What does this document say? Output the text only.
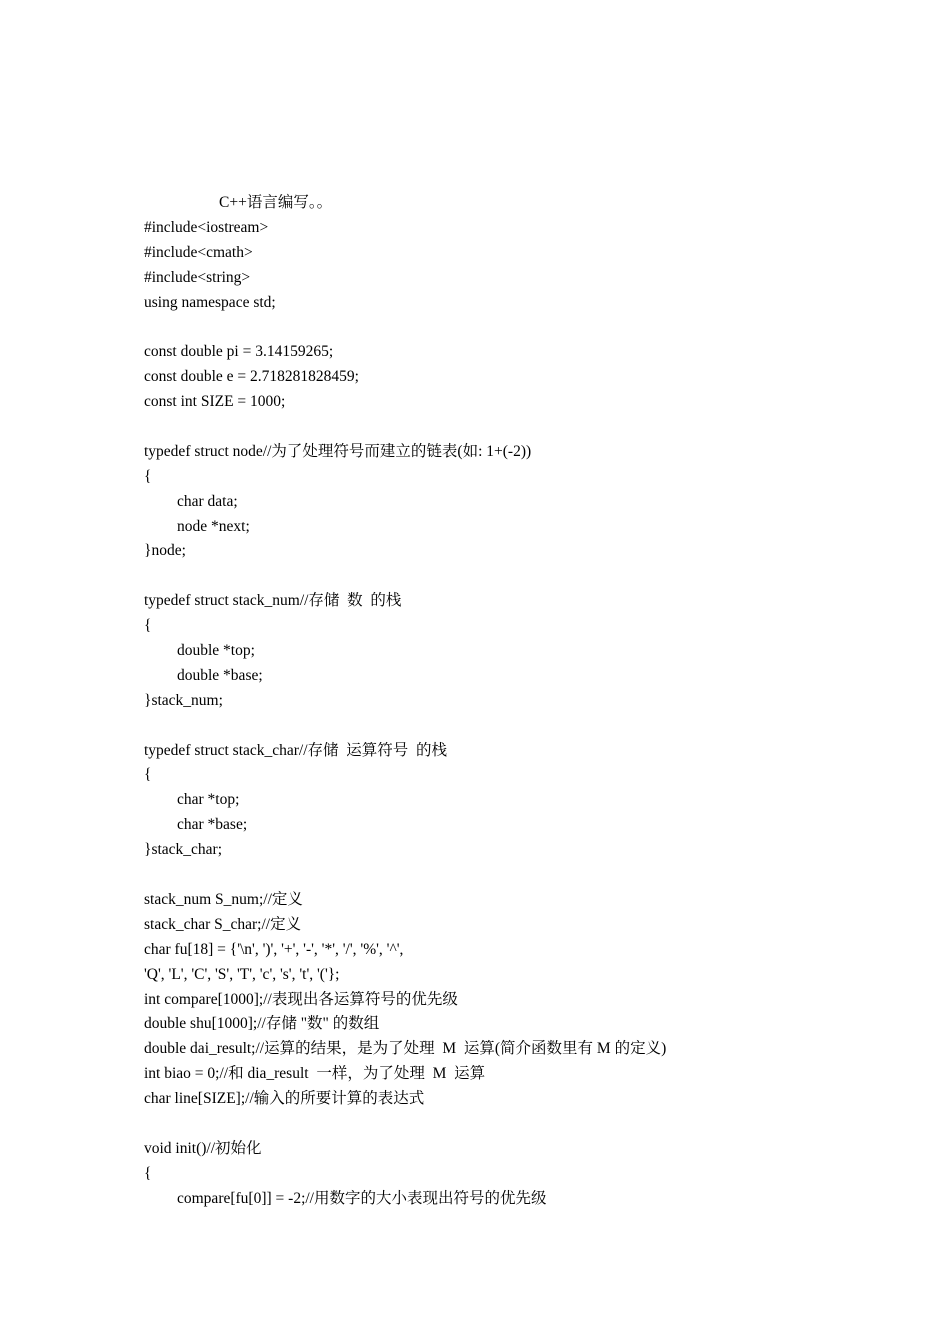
C++语言编写。。
#include<iostream>
#include<cmath>
#include<string>
using namespace std;
const double pi = 3.14159265;
const double e = 2.718281828459;
const int SIZE = 1000;
typedef struct node//为了处理符号而建立的链表(如: 1+(-2))
{
char data;
node *next;
}node;
typedef struct stack_num//存储  数  的栈
{
double *top;
double *base;
}stack_num;
typedef struct stack_char//存储  运算符号  的栈
{
char *top;
char *base;
}stack_char;
stack_num S_num;//定义
stack_char S_char;//定义
char fu[18] = {'\n', ')', '+', '-', '*', '/', '%', '^',
'Q', 'L', 'C', 'S', 'T', 'c', 's', 't', '('};
int compare[1000];//表现出各运算符号的优先级
double shu[1000];//存储 "数" 的数组
double dai_result;//运算的结果，是为了处理  M  运算(简介函数里有 M 的定义)
int biao = 0;//和 dia_result  一样，为了处理  M  运算
char line[SIZE];//输入的所要计算的表达式
void init()//初始化
{
compare[fu[0]] = -2;//用数字的大小表现出符号的优先级
